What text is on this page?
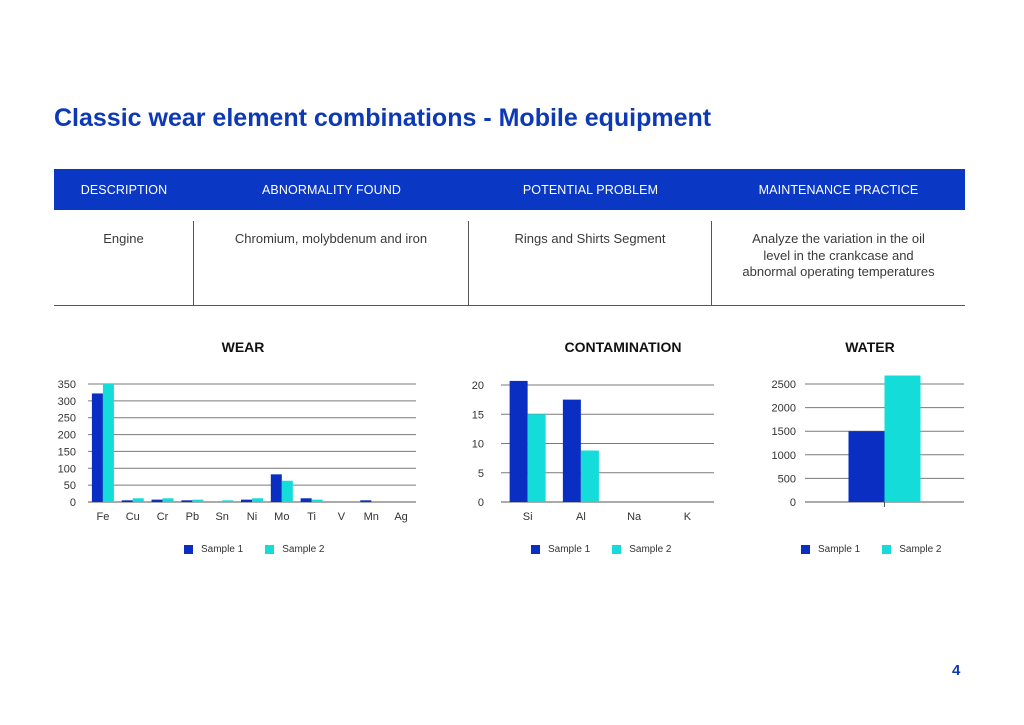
Classic wear element combinations - Mobile equipment
DESCRIPTION	ABNORMALITY FOUND	POTENTIAL PROBLEM	MAINTENANCE PRACTICE
Engine	Chromium, molybdenum and iron	Rings and Shirts Segment	Analyze the variation in the oil level in the crankcase and abnormal operating temperatures
WEAR	CONTAMINATION	WATER
0
50
100
150
200
250
300
350
Fe Cu Cr Pb Sn Ni Mo Ti V Mn Ag
0
5
10
15
20
Si	Al	Na	K
0
500
1000
1500
2000
2500
Sample 1	Sample 2	Sample 1	Sample 2	Sample 1	Sample 2
4
